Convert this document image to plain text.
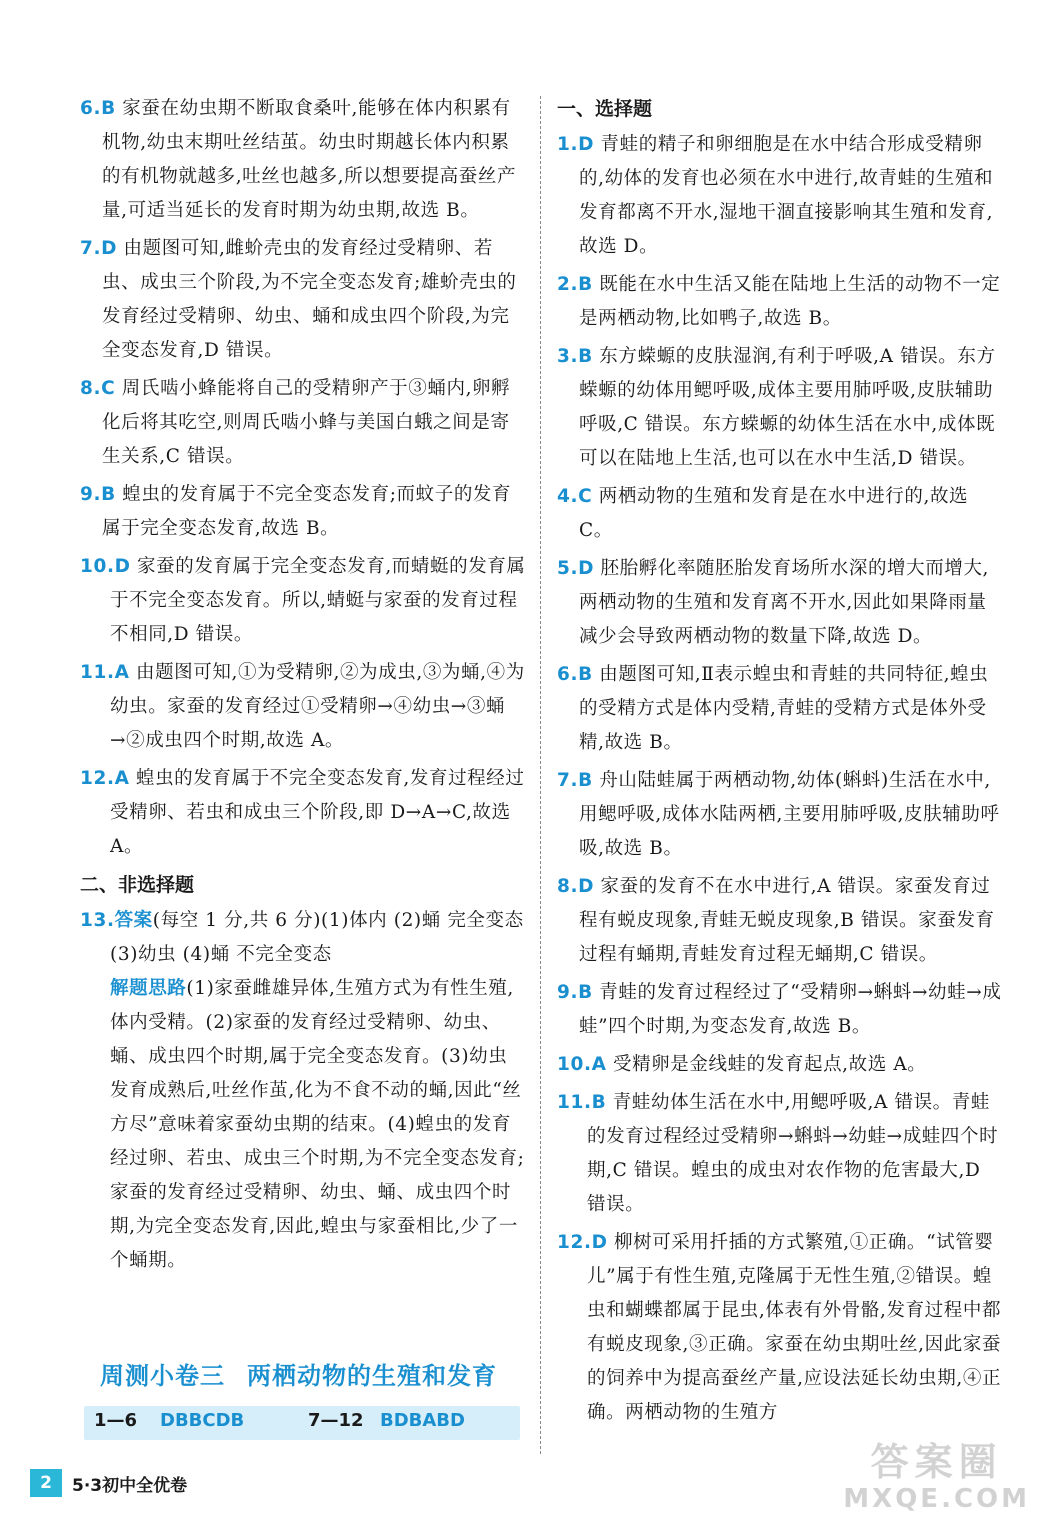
6.B 家蚕在幼虫期不断取食桑叶,能够在体内积累有机物,幼虫末期吐丝结茧。幼虫时期越长体内积累的有机物就越多,吐丝也越多,所以想要提高蚕丝产量,可适当延长的发育时期为幼虫期,故选 B。

7.D 由题图可知,雌蚧壳虫的发育经过受精卵、若虫、成虫三个阶段,为不完全变态发育;雄蚧壳虫的发育经过受精卵、幼虫、蛹和成虫四个阶段,为完全变态发育,D 错误。

8.C 周氏啮小蜂能将自己的受精卵产于③蛹内,卵孵化后将其吃空,则周氏啮小蜂与美国白蛾之间是寄生关系,C 错误。

9.B 蝗虫的发育属于不完全变态发育;而蚊子的发育属于完全变态发育,故选 B。

10.D 家蚕的发育属于完全变态发育,而蜻蜓的发育属于不完全变态发育。所以,蜻蜓与家蚕的发育过程不相同,D 错误。

11.A 由题图可知,①为受精卵,②为成虫,③为蛹,④为幼虫。家蚕的发育经过①受精卵→④幼虫→③蛹→②成虫四个时期,故选 A。

12.A 蝗虫的发育属于不完全变态发育,发育过程经过受精卵、若虫和成虫三个阶段,即 D→A→C,故选 A。

二、非选择题

13.答案(每空 1 分,共 6 分)(1)体内 (2)蛹 完全变态 (3)幼虫 (4)蛹 不完全变态

解题思路(1)家蚕雌雄异体,生殖方式为有性生殖,体内受精。(2)家蚕的发育经过受精卵、幼虫、蛹、成虫四个时期,属于完全变态发育。(3)幼虫发育成熟后,吐丝作茧,化为不食不动的蛹,因此“丝方尽”意味着家蚕幼虫期的结束。(4)蝗虫的发育经过卵、若虫、成虫三个时期,为不完全变态发育;家蚕的发育经过受精卵、幼虫、蛹、成虫四个时期,为完全变态发育,因此,蝗虫与家蚕相比,少了一个蛹期。
周测小卷三 两栖动物的生殖和发育
1—6 DBBCDB	7—12 BDBABD
一、选择题

1.D 青蛙的精子和卵细胞是在水中结合形成受精卵的,幼体的发育也必须在水中进行,故青蛙的生殖和发育都离不开水,湿地干涸直接影响其生殖和发育,故选 D。

2.B 既能在水中生活又能在陆地上生活的动物不一定是两栖动物,比如鸭子,故选 B。

3.B 东方蝾螈的皮肤湿润,有利于呼吸,A 错误。东方蝾螈的幼体用鳃呼吸,成体主要用肺呼吸,皮肤辅助呼吸,C 错误。东方蝾螈的幼体生活在水中,成体既可以在陆地上生活,也可以在水中生活,D 错误。

4.C 两栖动物的生殖和发育是在水中进行的,故选 C。

5.D 胚胎孵化率随胚胎发育场所水深的增大而增大,两栖动物的生殖和发育离不开水,因此如果降雨量减少会导致两栖动物的数量下降,故选 D。

6.B 由题图可知,Ⅱ表示蝗虫和青蛙的共同特征,蝗虫的受精方式是体内受精,青蛙的受精方式是体外受精,故选 B。

7.B 舟山陆蛙属于两栖动物,幼体(蝌蚪)生活在水中,用鳃呼吸,成体水陆两栖,主要用肺呼吸,皮肤辅助呼吸,故选 B。

8.D 家蚕的发育不在水中进行,A 错误。家蚕发育过程有蜕皮现象,青蛙无蜕皮现象,B 错误。家蚕发育过程有蛹期,青蛙发育过程无蛹期,C 错误。

9.B 青蛙的发育过程经过了“受精卵→蝌蚪→幼蛙→成蛙”四个时期,为变态发育,故选 B。

10.A 受精卵是金线蛙的发育起点,故选 A。

11.B 青蛙幼体生活在水中,用鳃呼吸,A 错误。青蛙的发育过程经过受精卵→蝌蚪→幼蛙→成蛙四个时期,C 错误。蝗虫的成虫对农作物的危害最大,D 错误。

12.D 柳树可采用扦插的方式繁殖,①正确。“试管婴儿”属于有性生殖,克隆属于无性生殖,②错误。蝗虫和蝴蝶都属于昆虫,体表有外骨骼,发育过程中都有蜕皮现象,③正确。家蚕在幼虫期吐丝,因此家蚕的饲养中为提高蚕丝产量,应设法延长幼虫期,④正确。两栖动物的生殖方

2	5·3初中全优卷
答案圈
MXQE.COM
